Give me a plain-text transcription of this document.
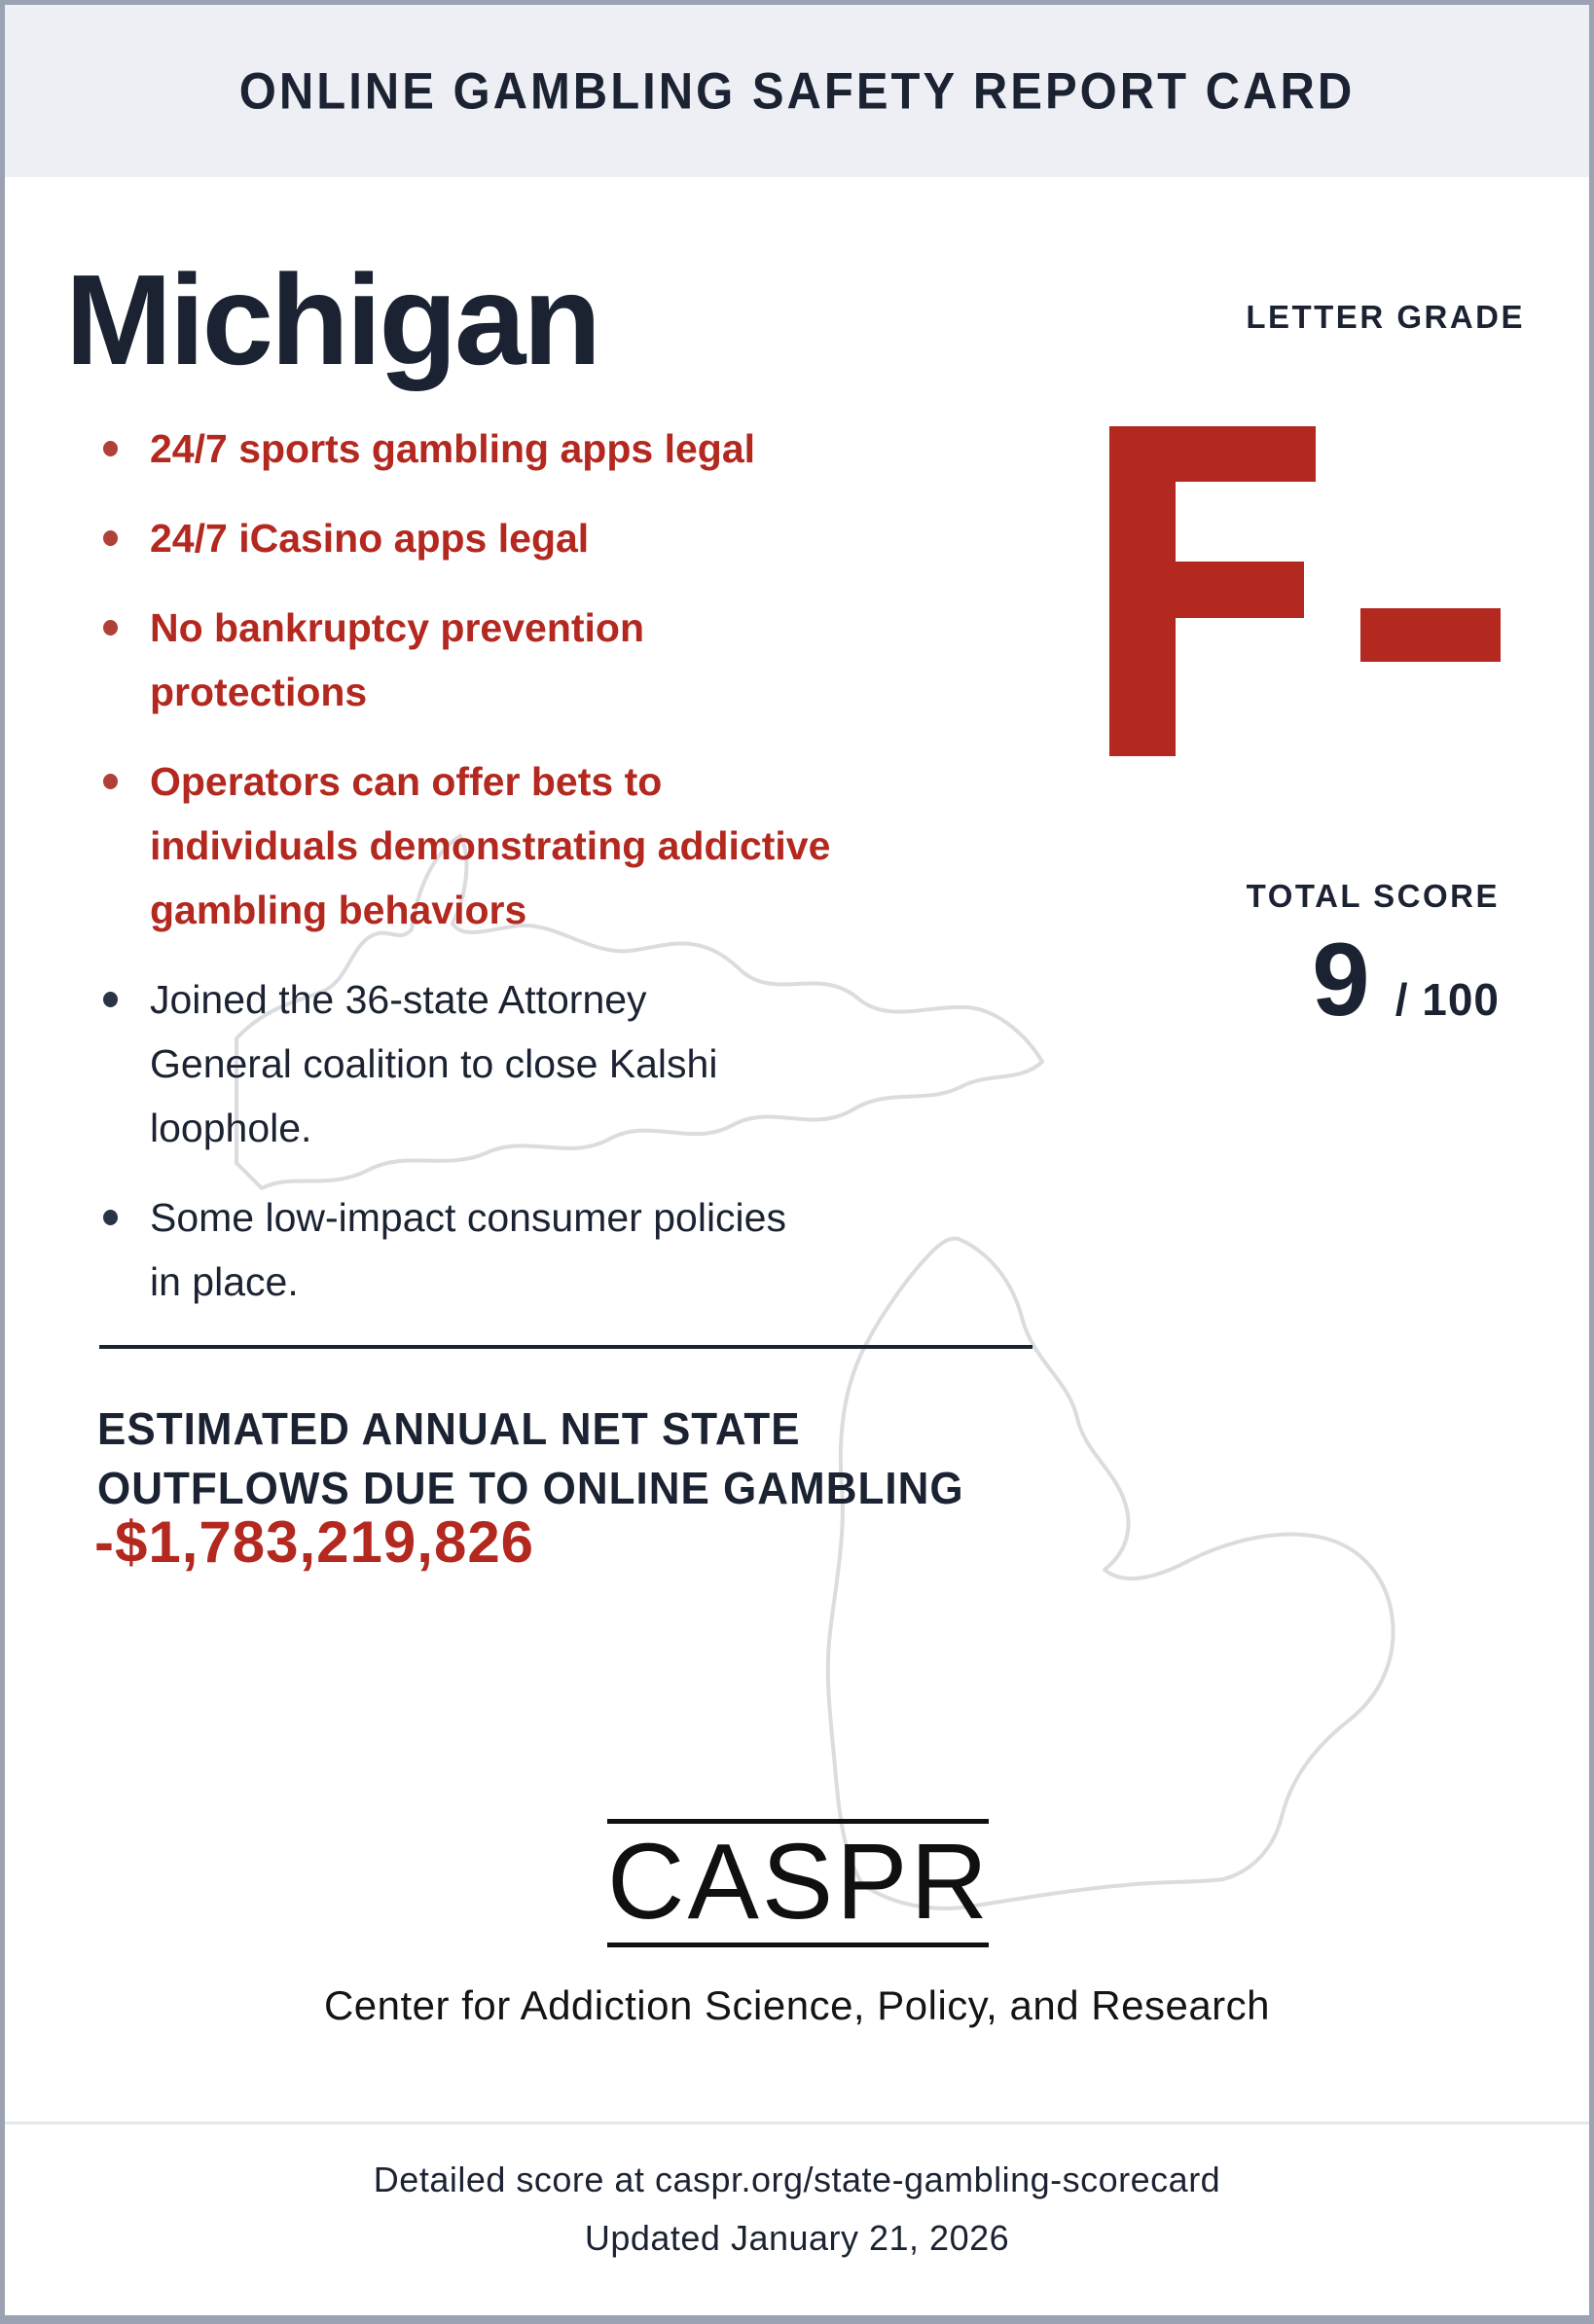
ONLINE GAMBLING SAFETY REPORT CARD
Michigan	LETTER GRADE
24/7 sports gambling apps legal
24/7 iCasino apps legal
No bankruptcy prevention
protections
Operators can offer bets to
individuals demonstrating addictive
gambling behaviors
Joined the 36-state Attorney
General coalition to close Kalshi
loophole.
Some low-impact consumer policies
in place.
TOTAL SCORE
9 / 100
ESTIMATED ANNUAL NET STATE
OUTFLOWS DUE TO ONLINE GAMBLING
-$1,783,219,826
CASPR
Center for Addiction Science, Policy, and Research
Detailed score at caspr.org/state-gambling-scorecard
Updated January 21, 2026
